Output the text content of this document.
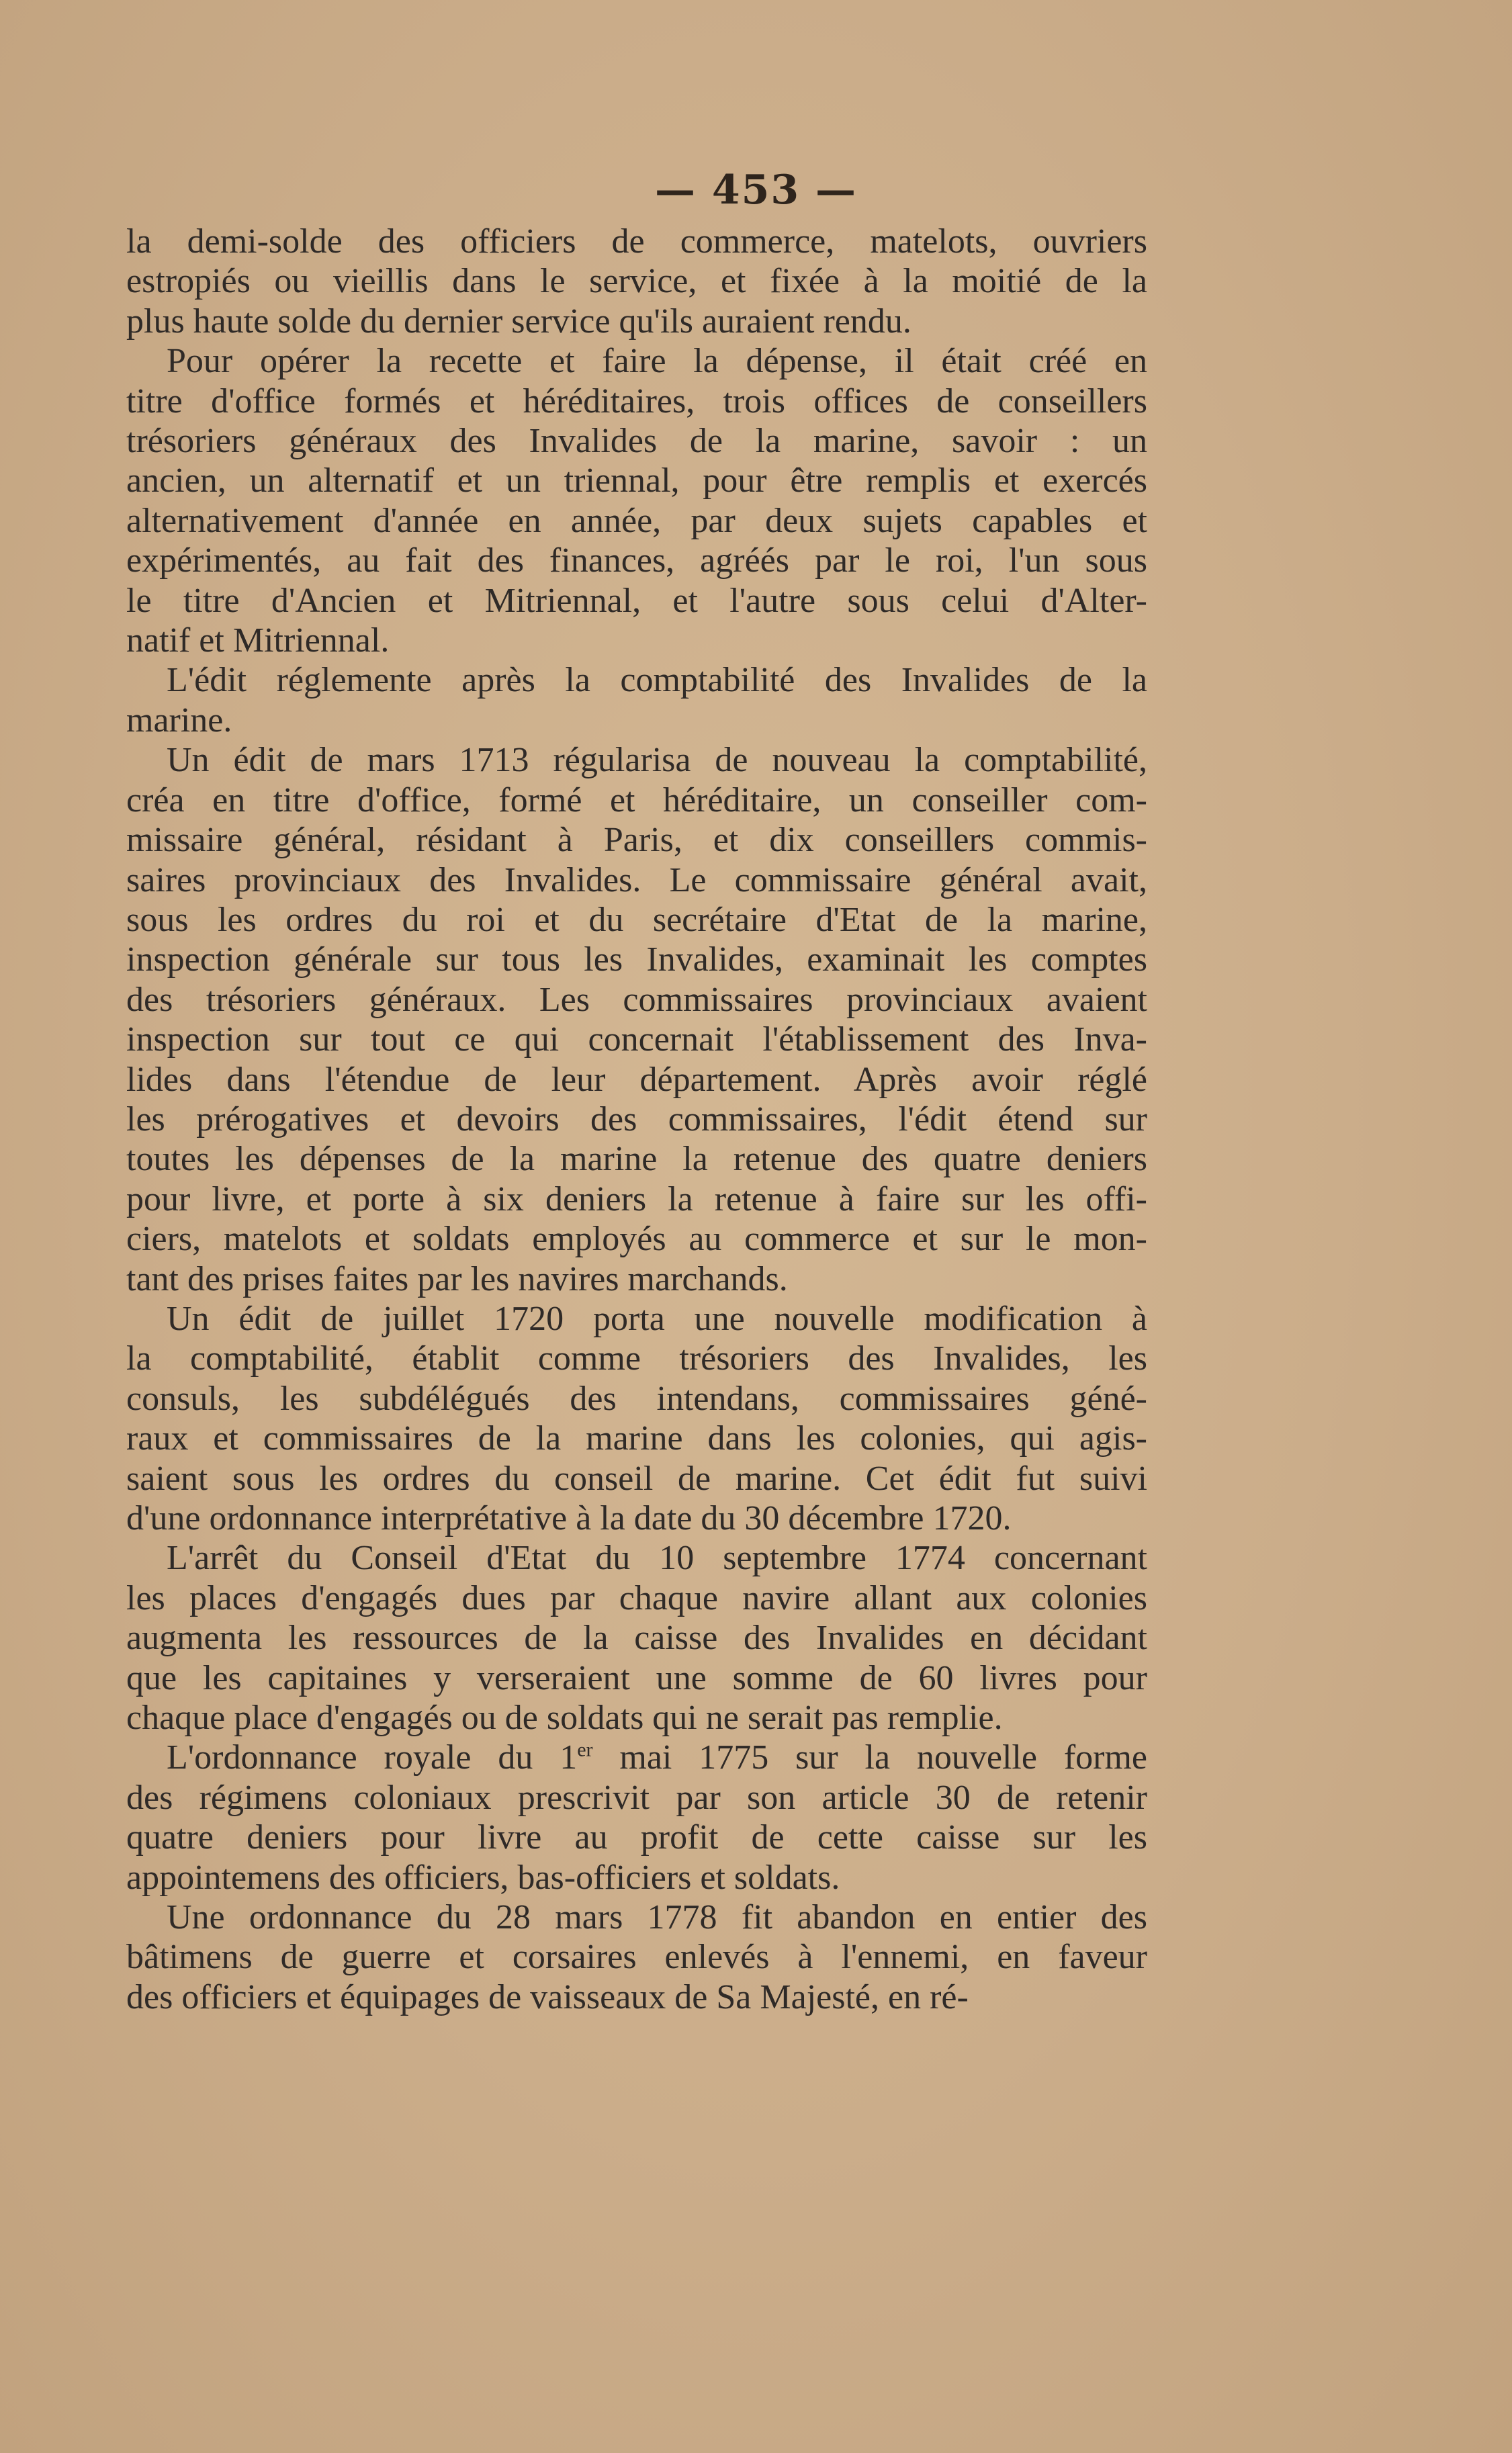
— 453 —

la demi-solde des officiers de commerce, matelots, ouvriers
estropiés ou vieillis dans le service, et fixée à la moitié de la
plus haute solde du dernier service qu'ils auraient rendu.

Pour opérer la recette et faire la dépense, il était créé en
titre d'office formés et héréditaires, trois offices de conseillers
trésoriers généraux des Invalides de la marine, savoir : un
ancien, un alternatif et un triennal, pour être remplis et exercés
alternativement d'année en année, par deux sujets capables et
expérimentés, au fait des finances, agréés par le roi, l'un sous
le titre d'Ancien et Mitriennal, et l'autre sous celui d'Alter-
natif et Mitriennal.

L'édit réglemente après la comptabilité des Invalides de la
marine.

Un édit de mars 1713 régularisa de nouveau la comptabilité,
créa en titre d'office, formé et héréditaire, un conseiller com-
missaire général, résidant à Paris, et dix conseillers commis-
saires provinciaux des Invalides. Le commissaire général avait,
sous les ordres du roi et du secrétaire d'Etat de la marine,
inspection générale sur tous les Invalides, examinait les comptes
des trésoriers généraux. Les commissaires provinciaux avaient
inspection sur tout ce qui concernait l'établissement des Inva-
lides dans l'étendue de leur département. Après avoir réglé
les prérogatives et devoirs des commissaires, l'édit étend sur
toutes les dépenses de la marine la retenue des quatre deniers
pour livre, et porte à six deniers la retenue à faire sur les offi-
ciers, matelots et soldats employés au commerce et sur le mon-
tant des prises faites par les navires marchands.

Un édit de juillet 1720 porta une nouvelle modification à
la comptabilité, établit comme trésoriers des Invalides, les
consuls, les subdélégués des intendans, commissaires géné-
raux et commissaires de la marine dans les colonies, qui agis-
saient sous les ordres du conseil de marine. Cet édit fut suivi
d'une ordonnance interprétative à la date du 30 décembre 1720.

L'arrêt du Conseil d'Etat du 10 septembre 1774 concernant
les places d'engagés dues par chaque navire allant aux colonies
augmenta les ressources de la caisse des Invalides en décidant
que les capitaines y verseraient une somme de 60 livres pour
chaque place d'engagés ou de soldats qui ne serait pas remplie.

L'ordonnance royale du 1er mai 1775 sur la nouvelle forme
des régimens coloniaux prescrivit par son article 30 de retenir
quatre deniers pour livre au profit de cette caisse sur les
appointemens des officiers, bas-officiers et soldats.

Une ordonnance du 28 mars 1778 fit abandon en entier des
bâtimens de guerre et corsaires enlevés à l'ennemi, en faveur
des officiers et équipages de vaisseaux de Sa Majesté, en ré-
